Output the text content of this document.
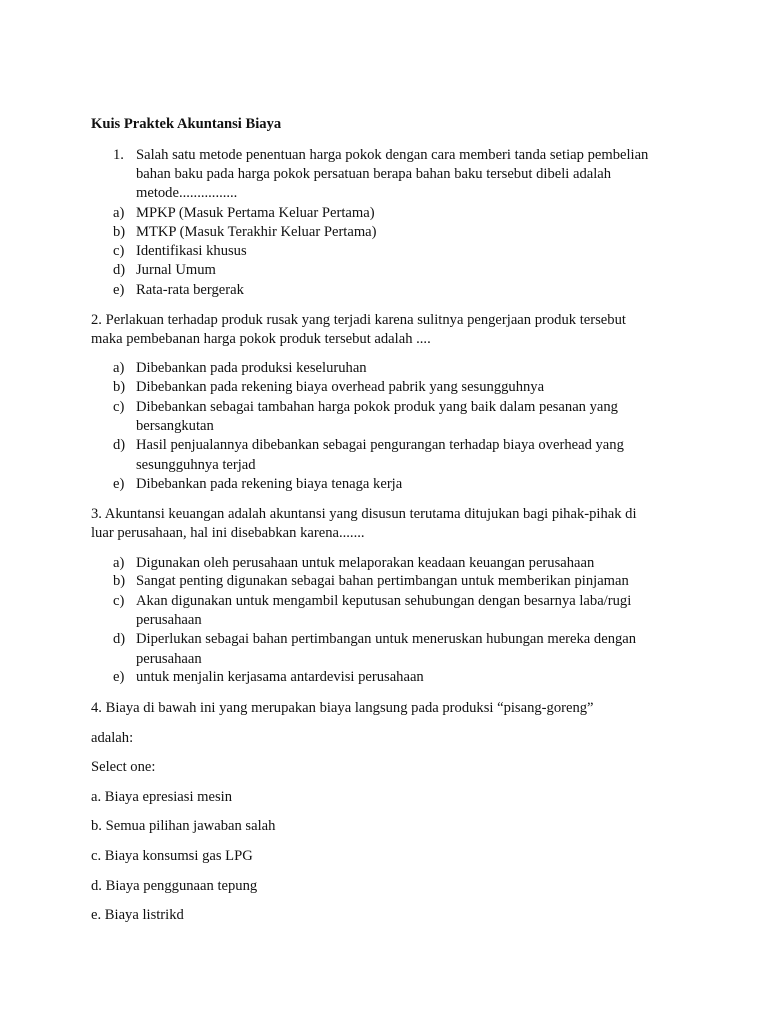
Kuis Praktek Akuntansi Biaya
1. Salah satu metode penentuan harga pokok dengan cara memberi tanda setiap pembelian
bahan baku pada harga pokok persatuan berapa bahan baku tersebut dibeli adalah
metode................
a) MPKP (Masuk Pertama Keluar Pertama)
b) MTKP (Masuk Terakhir Keluar Pertama)
c) Identifikasi khusus
d) Jurnal Umum
e) Rata-rata bergerak
2. Perlakuan terhadap produk rusak yang terjadi karena sulitnya pengerjaan produk tersebut
maka pembebanan harga pokok produk tersebut adalah ....
a) Dibebankan pada produksi keseluruhan
b) Dibebankan pada rekening biaya overhead pabrik yang sesungguhnya
c) Dibebankan sebagai tambahan harga pokok produk yang baik dalam pesanan yang
bersangkutan
d) Hasil penjualannya dibebankan sebagai pengurangan terhadap biaya overhead yang
sesungguhnya terjad
e) Dibebankan pada rekening biaya tenaga kerja
3. Akuntansi keuangan adalah akuntansi yang disusun terutama ditujukan bagi pihak-pihak di
luar perusahaan, hal ini disebabkan karena.......
a) Digunakan oleh perusahaan untuk melaporakan keadaan keuangan perusahaan
b) Sangat penting digunakan sebagai bahan pertimbangan untuk memberikan pinjaman
c) Akan digunakan untuk mengambil keputusan sehubungan dengan besarnya laba/rugi
perusahaan
d) Diperlukan sebagai bahan pertimbangan untuk meneruskan hubungan mereka dengan
perusahaan
e) untuk menjalin kerjasama antardevisi perusahaan
4. Biaya di bawah ini yang merupakan biaya langsung pada produksi “pisang-goreng”
adalah:
Select one:
a. Biaya epresiasi mesin
b. Semua pilihan jawaban salah
c. Biaya konsumsi gas LPG
d. Biaya penggunaan tepung
e. Biaya listrikd
